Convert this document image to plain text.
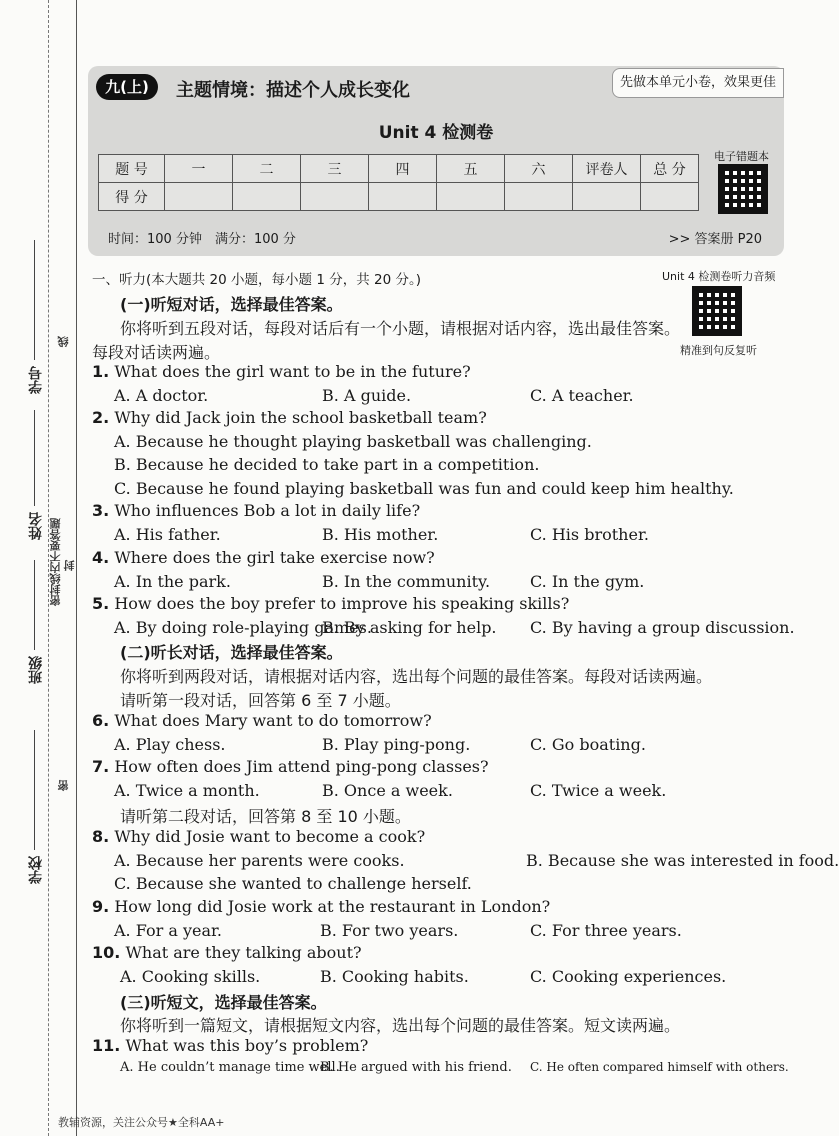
学号
姓名
班级
学校
线
密封线内不要答题 封
密
九(上)	主题情境：描述个人成长变化	先做本单元小卷，效果更佳
Unit 4 检测卷
题 号	一	二	三	四	五	六	评卷人	总 分
得 分								
电子错题本
时间：100 分钟　满分：100 分	>> 答案册 P20
Unit 4 检测卷听力音频
精准到句反复听
一、听力(本大题共 20 小题，每小题 1 分，共 20 分。)
(一)听短对话，选择最佳答案。
你将听到五段对话，每段对话后有一个小题，请根据对话内容，选出最佳答案。
每段对话读两遍。
1. What does the girl want to be in the future?
A. A doctor.	B. A guide.	C. A teacher.
2. Why did Jack join the school basketball team?
A. Because he thought playing basketball was challenging.
B. Because he decided to take part in a competition.
C. Because he found playing basketball was fun and could keep him healthy.
3. Who influences Bob a lot in daily life?
A. His father.	B. His mother.	C. His brother.
4. Where does the girl take exercise now?
A. In the park.	B. In the community. C. In the gym.
5. How does the boy prefer to improve his speaking skills?
A. By doing role-playing games.
B. By asking for help. C. By having a group discussion.
(二)听长对话，选择最佳答案。
你将听到两段对话，请根据对话内容，选出每个问题的最佳答案。每段对话读两遍。
请听第一段对话，回答第 6 至 7 小题。
6. What does Mary want to do tomorrow?
A. Play chess.	B. Play ping-pong.	C. Go boating.
7. How often does Jim attend ping-pong classes?
A. Twice a month.	B. Once a week.	C. Twice a week.
请听第二段对话，回答第 8 至 10 小题。
8. Why did Josie want to become a cook?
A. Because her parents were cooks.	B. Because she was interested in food.
C. Because she wanted to challenge herself.
9. How long did Josie work at the restaurant in London?
A. For a year.	B. For two years.	C. For three years.
10. What are they talking about?
A. Cooking skills.	B. Cooking habits.	C. Cooking experiences.
(三)听短文，选择最佳答案。
你将听到一篇短文，请根据短文内容，选出每个问题的最佳答案。短文读两遍。
11. What was this boy’s problem?
A. He couldn’t manage time well.
B. He argued with his friend. C. He often compared himself with others.
教辅资源，关注公众号★全科AA+
